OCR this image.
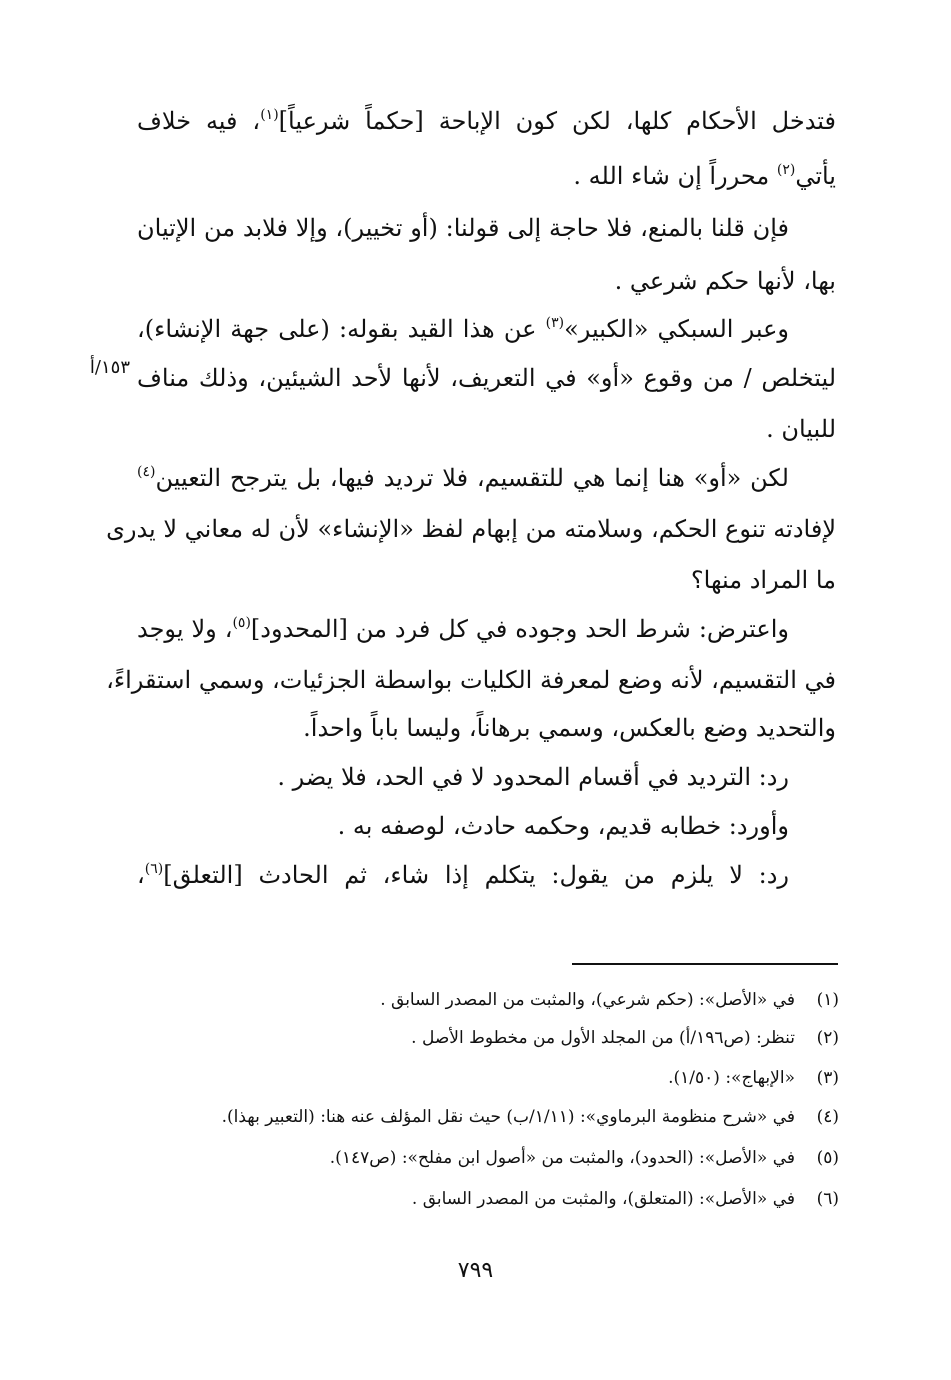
فتدخل الأحكام كلها، لكن كون الإباحة [حكماً شرعياً]$^{(١)}$، فيه خلاف
يأتي$^{(٢)}$ محرراً إن شاء الله .
فإن قلنا بالمنع، فلا حاجة إلى قولنا: (أو تخيير)، وإلا فلابد من الإتيان
بها، لأنها حكم شرعي .
وعبر السبكي «الكبير»$^{(٣)}$ عن هذا القيد بقوله: (على جهة الإنشاء)،
ليتخلص / من وقوع «أو» في التعريف، لأنها لأحد الشيئين، وذلك مناف
١٥٣/أ
للبيان .
لكن «أو» هنا إنما هي للتقسيم، فلا ترديد فيها، بل يترجح التعيين$^{(٤)}$
لإفادته تنوع الحكم، وسلامته من إبهام لفظ «الإنشاء» لأن له معاني لا يدرى
ما المراد منها؟
واعترض: شرط الحد وجوده في كل فرد من [المحدود]$^{(٥)}$، ولا يوجد
في التقسيم، لأنه وضع لمعرفة الكليات بواسطة الجزئيات، وسمي استقراءً،
والتحديد وضع بالعكس، وسمي برهاناً، وليسا باباً واحداً.
رد: الترديد في أقسام المحدود لا في الحد، فلا يضر .
وأورد: خطابه قديم، وحكمه حادث، لوصفه به .
رد: لا يلزم من يقول: يتكلم إذا شاء، ثم الحادث [التعلق]$^{(٦)}$،
(١)في «الأصل»: (حكم شرعي)، والمثبت من المصدر السابق .
(٢)تنظر: (ص١٩٦/أ) من المجلد الأول من مخطوط الأصل .
(٣)«الإبهاج»: (١/٥٠).
(٤)في «شرح منظومة البرماوي»: (١/١١/ب) حيث نقل المؤلف عنه هنا: (التعبير بهذا).
(٥)في «الأصل»: (الحدود)، والمثبت من «أصول ابن مفلح»: (ص١٤٧).
(٦)في «الأصل»: (المتعلق)، والمثبت من المصدر السابق .
٧٩٩
